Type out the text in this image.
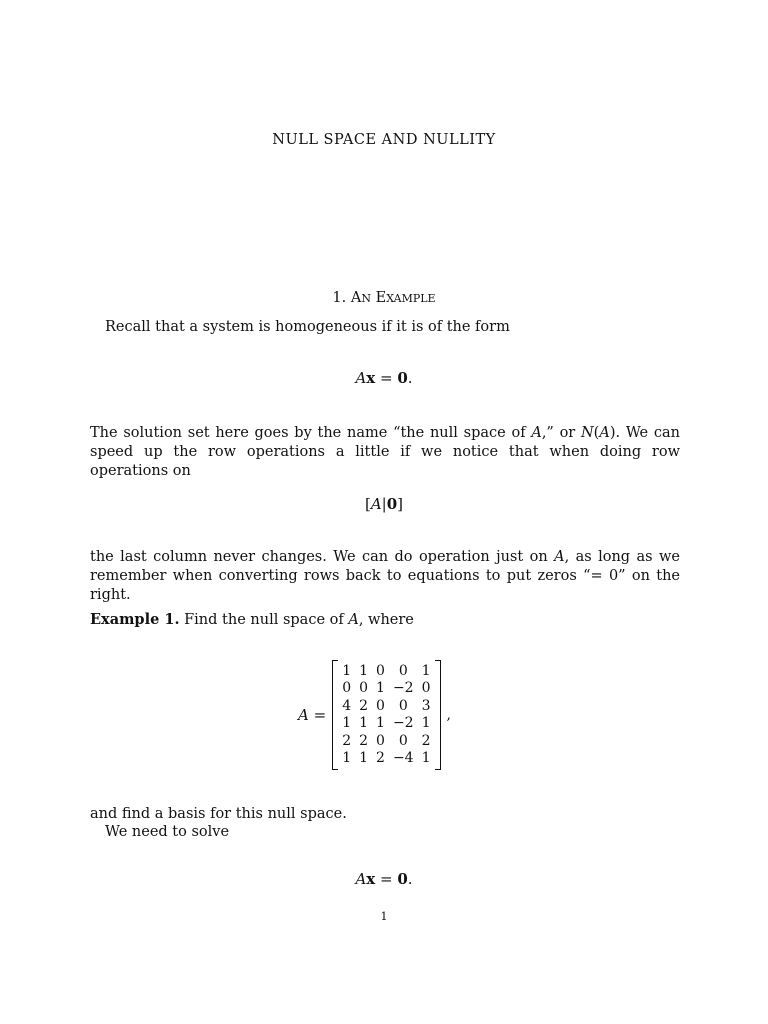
NULL SPACE AND NULLITY
1. AN EXAMPLE
Recall that a system is homogeneous if it is of the form
Ax = 0.
The solution set here goes by the name “the null space of A,” or N(A). We can speed up the row operations a little if we notice that when doing row operations on
[A|0]
the last column never changes. We can do operation just on A, as long as we remember when converting rows back to equations to put zeros “= 0” on the right.
Example 1. Find the null space of A, where
A =
1	1	0	0	1
0	0	1	−2	0
4	2	0	0	3
1	1	1	−2	1
2	2	0	0	2
1	1	2	−4	1
,
and find a basis for this null space.
We need to solve
Ax = 0.
1
